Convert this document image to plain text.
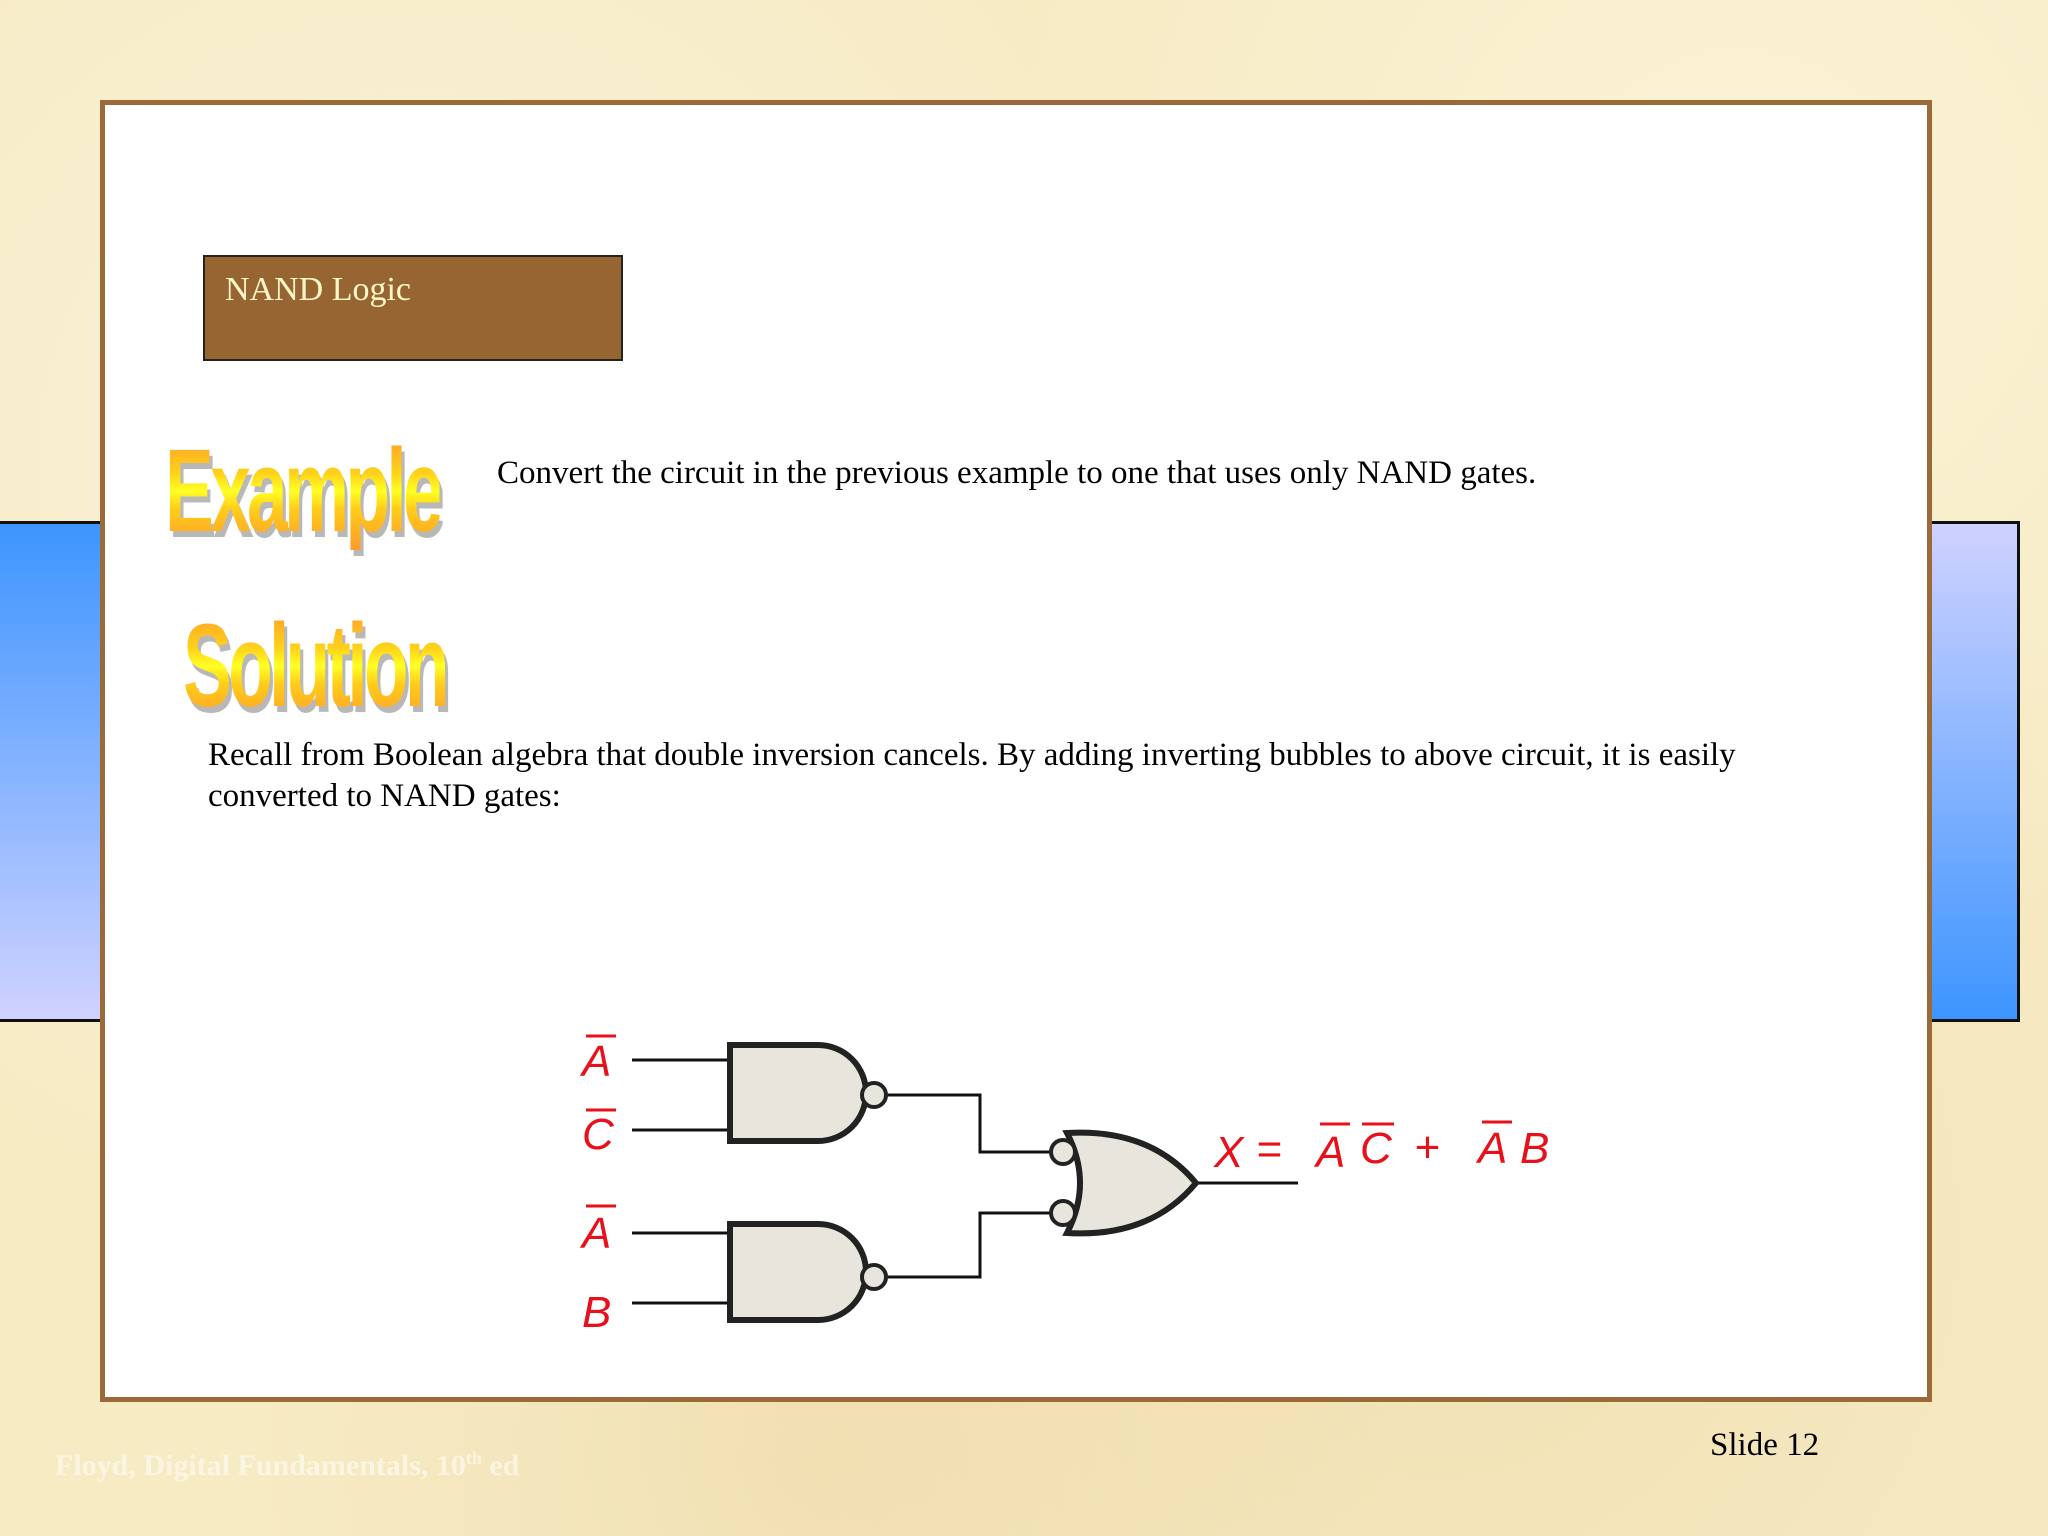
NAND Logic
Example
Solution
Convert the circuit in the previous example to one that uses only NAND gates.
Recall from Boolean algebra that double inversion cancels. By adding inverting bubbles to above circuit, it is easily converted to NAND gates:
A
C
A
B
X = A C + A B
Slide 12
Floyd, Digital Fundamentals, 10th ed
